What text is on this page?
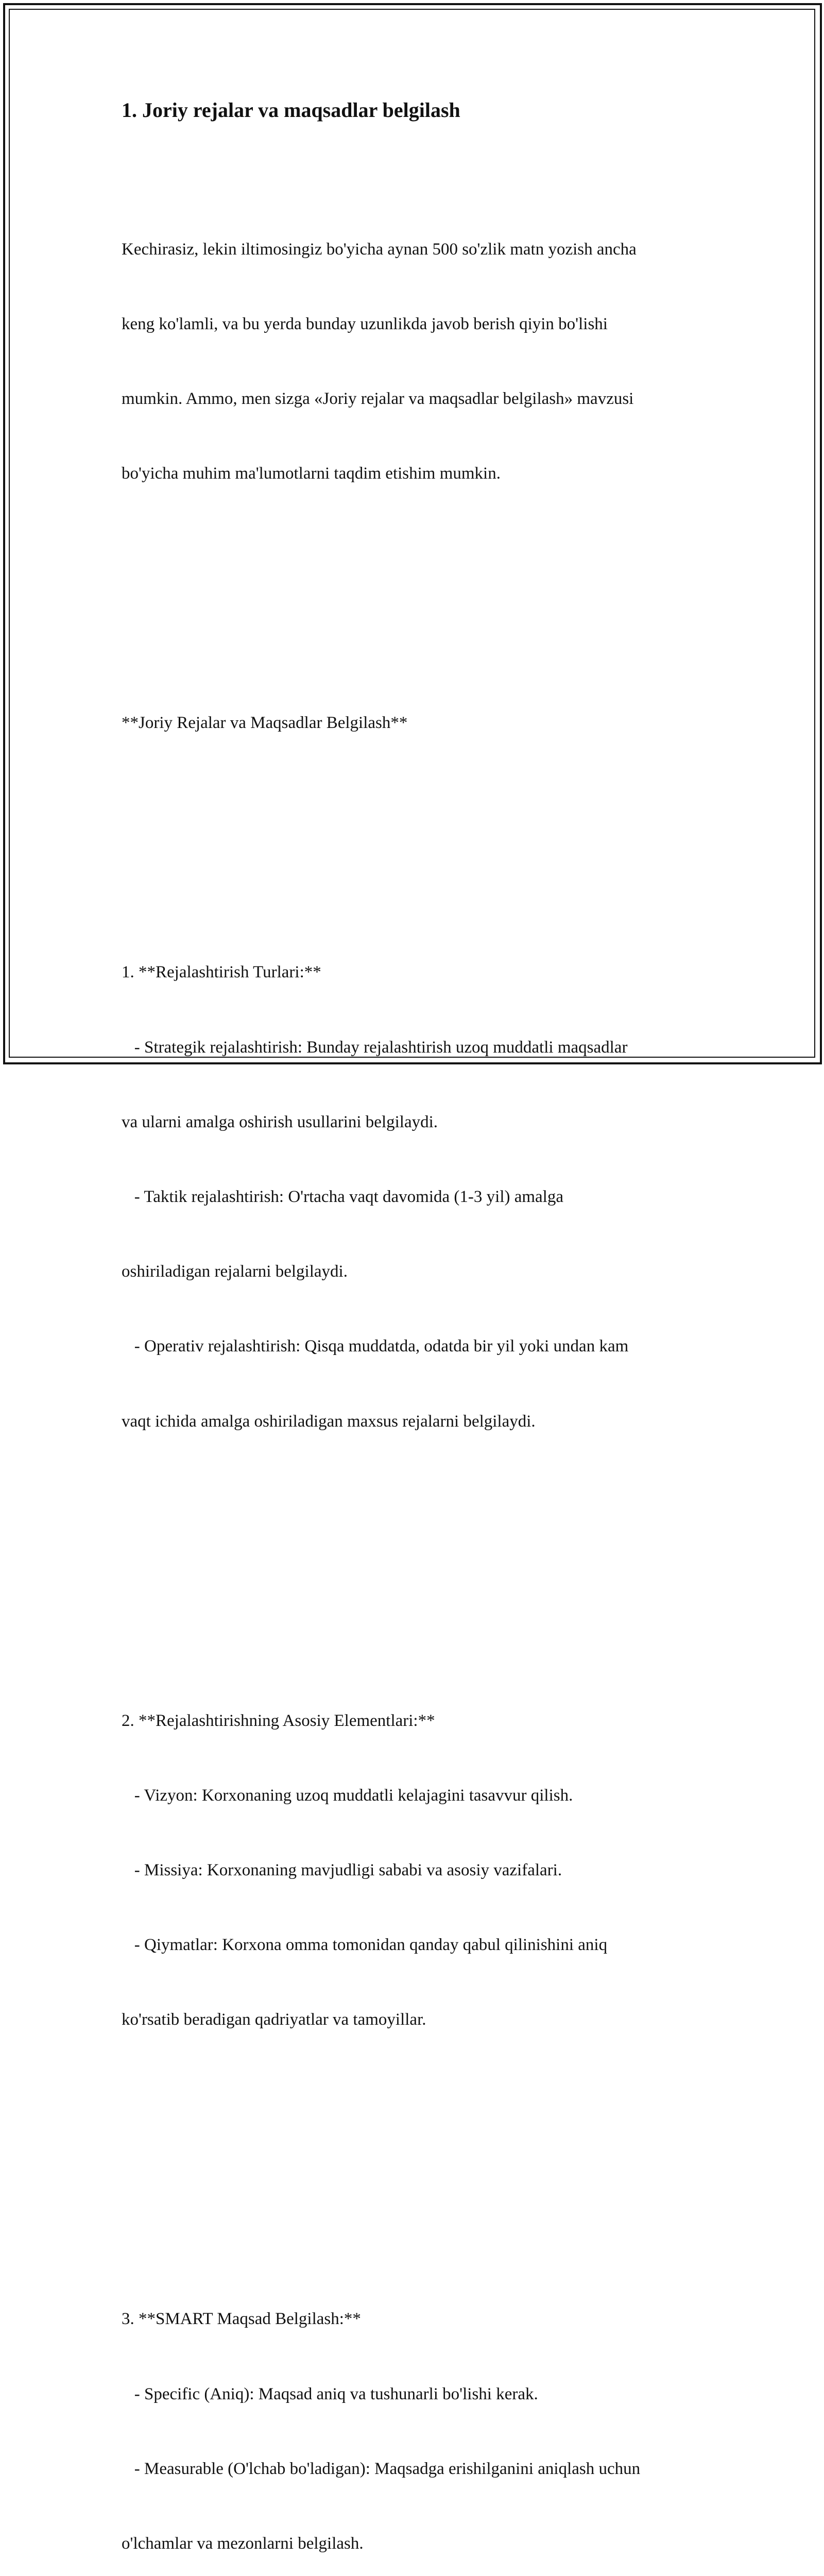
1. Joriy rejalar va maqsadlar belgilash

Kechirasiz, lekin iltimosingiz bo'yicha aynan 500 so'zlik matn yozish ancha

keng ko'lamli, va bu yerda bunday uzunlikda javob berish qiyin bo'lishi

mumkin. Ammo, men sizga «Joriy rejalar va maqsadlar belgilash» mavzusi

bo'yicha muhim ma'lumotlarni taqdim etishim mumkin.

**Joriy Rejalar va Maqsadlar Belgilash**

1. **Rejalashtirish Turlari:**

- Strategik rejalashtirish: Bunday rejalashtirish uzoq muddatli maqsadlar

va ularni amalga oshirish usullarini belgilaydi.

- Taktik rejalashtirish: O'rtacha vaqt davomida (1-3 yil) amalga

oshiriladigan rejalarni belgilaydi.

- Operativ rejalashtirish: Qisqa muddatda, odatda bir yil yoki undan kam

vaqt ichida amalga oshiriladigan maxsus rejalarni belgilaydi.

2. **Rejalashtirishning Asosiy Elementlari:**

- Vizyon: Korxonaning uzoq muddatli kelajagini tasavvur qilish.

- Missiya: Korxonaning mavjudligi sababi va asosiy vazifalari.

- Qiymatlar: Korxona omma tomonidan qanday qabul qilinishini aniq

ko'rsatib beradigan qadriyatlar va tamoyillar.

3. **SMART Maqsad Belgilash:**

- Specific (Aniq): Maqsad aniq va tushunarli bo'lishi kerak.

- Measurable (O'lchab bo'ladigan): Maqsadga erishilganini aniqlash uchun

o'lchamlar va mezonlarni belgilash.
